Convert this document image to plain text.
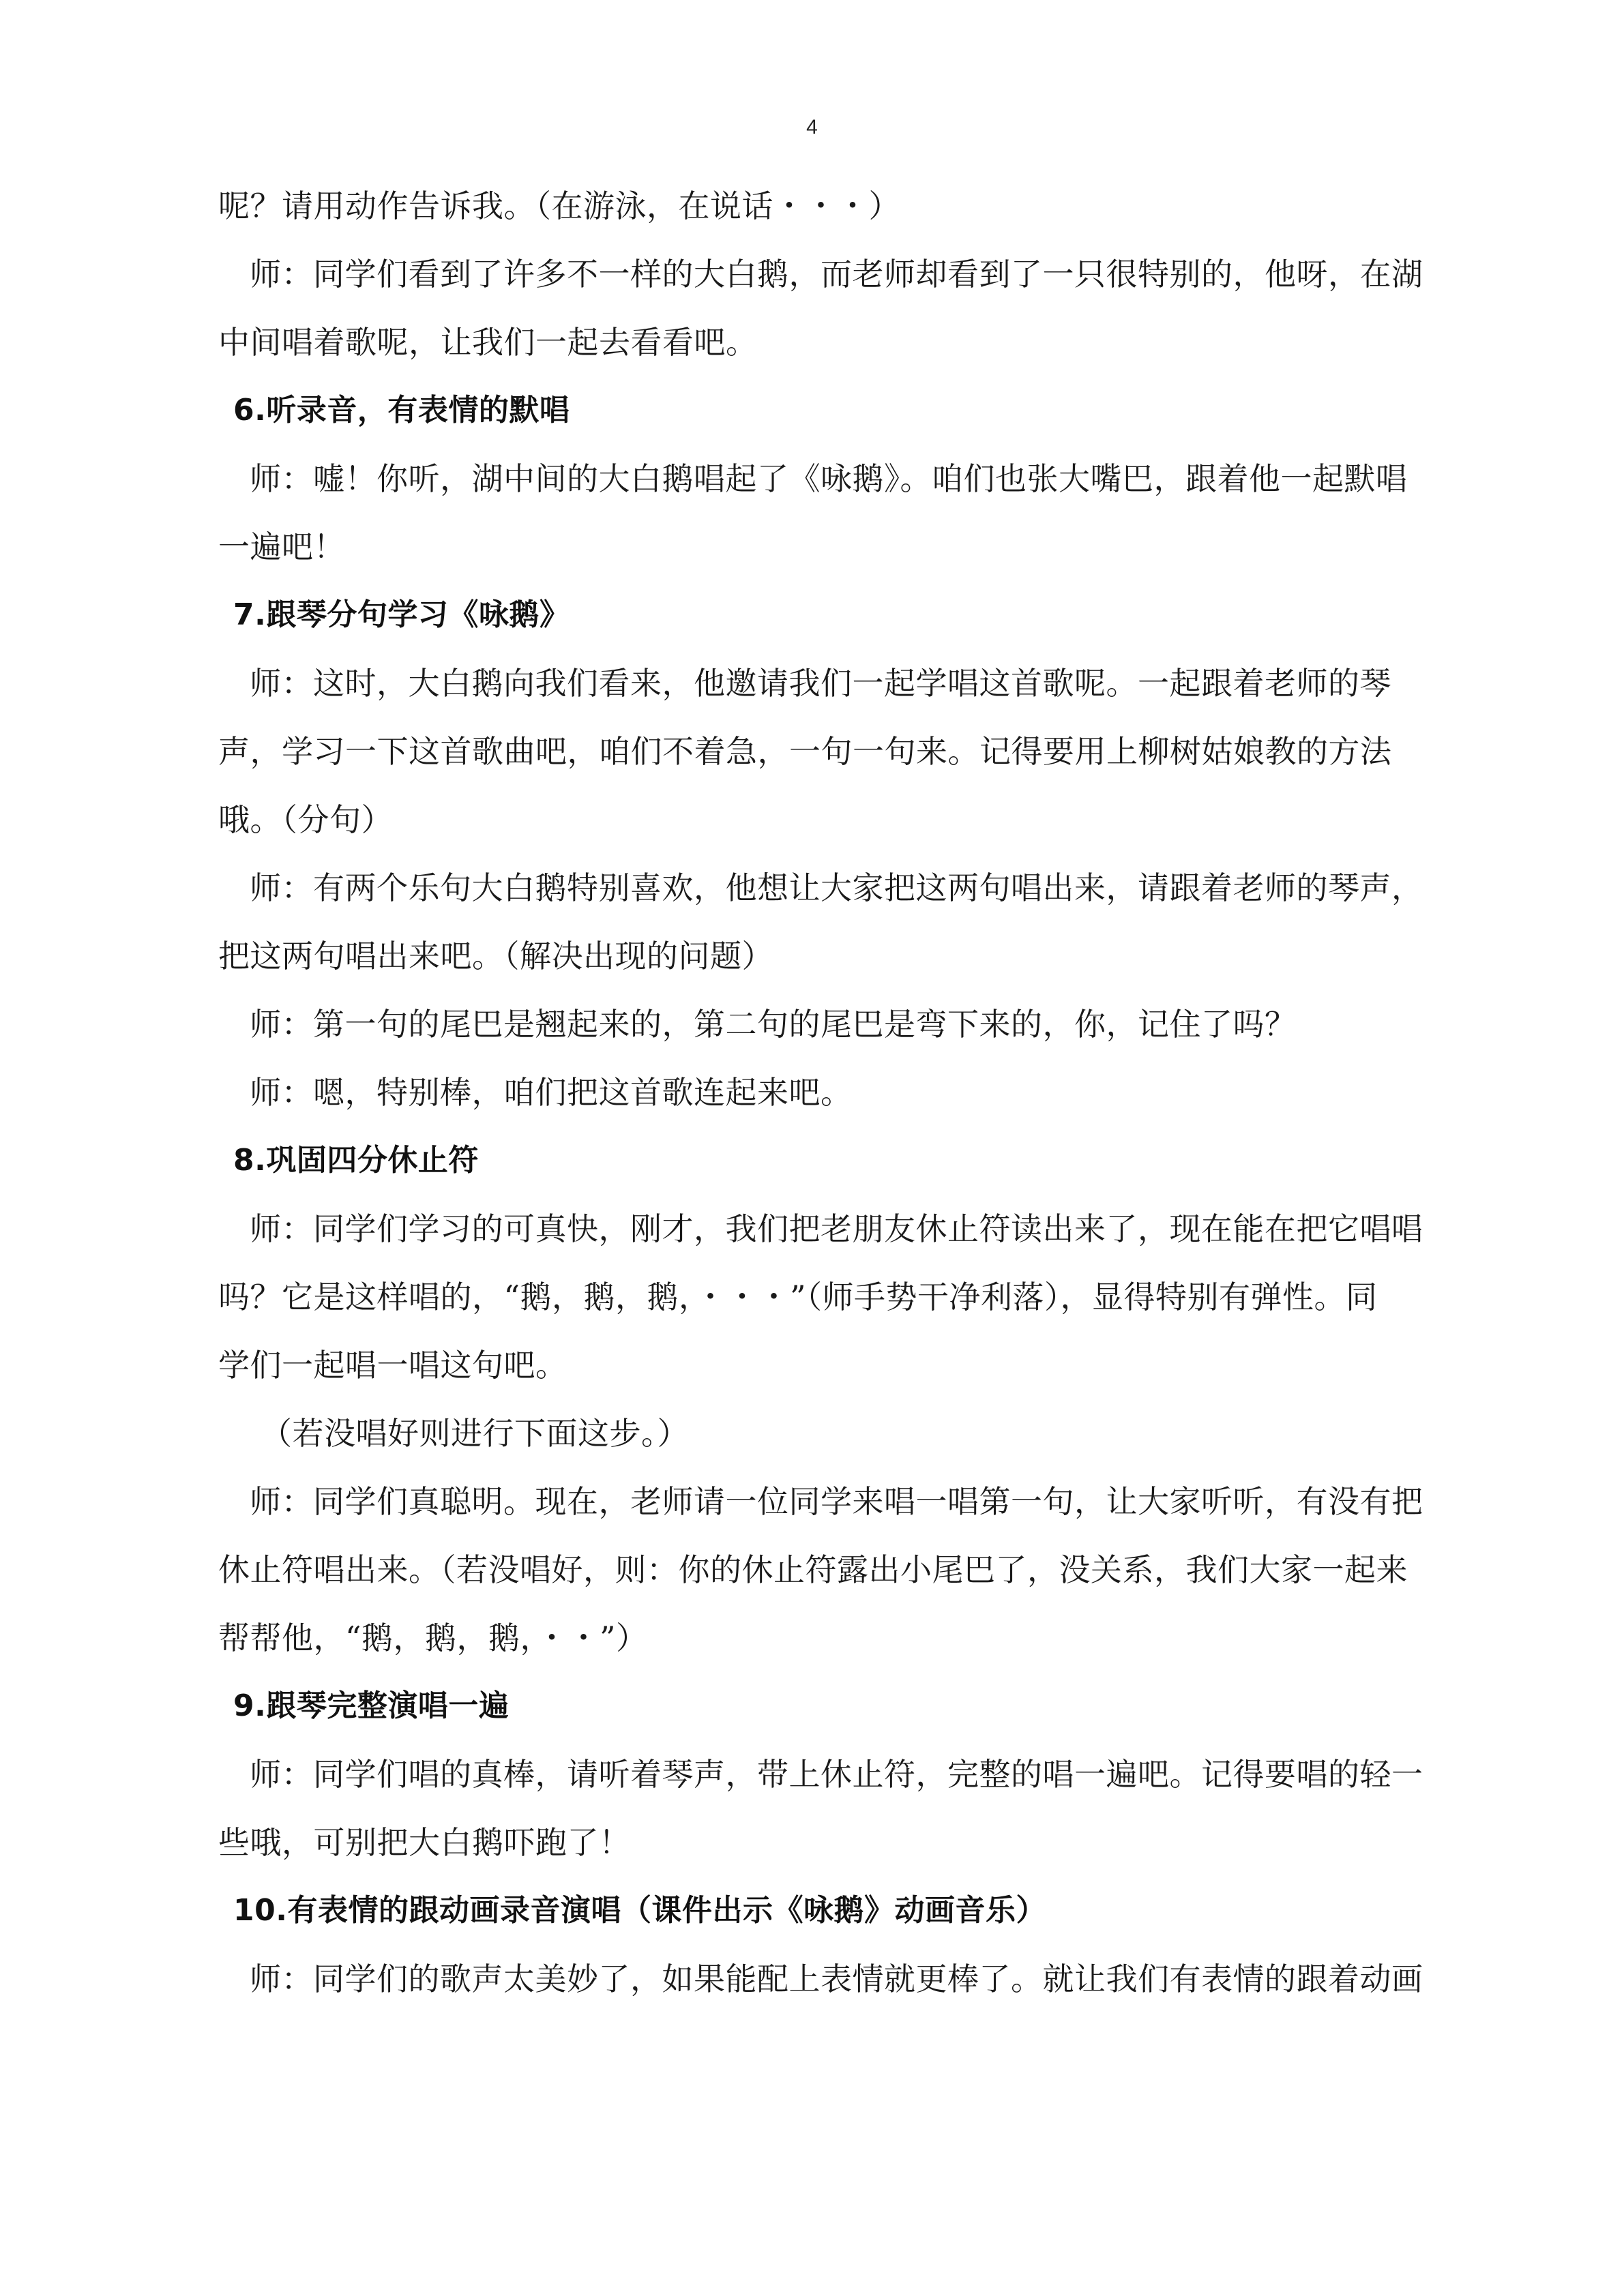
4
呢？请用动作告诉我。（在游泳，在说话・・・）
师：同学们看到了许多不一样的大白鹅，而老师却看到了一只很特别的，他呀，在湖
中间唱着歌呢，让我们一起去看看吧。
6.听录音，有表情的默唱
师：嘘！你听，湖中间的大白鹅唱起了《咏鹅》。咱们也张大嘴巴，跟着他一起默唱
一遍吧！
7.跟琴分句学习《咏鹅》
师：这时，大白鹅向我们看来，他邀请我们一起学唱这首歌呢。一起跟着老师的琴
声，学习一下这首歌曲吧，咱们不着急，一句一句来。记得要用上柳树姑娘教的方法
哦。（分句）
师：有两个乐句大白鹅特别喜欢，他想让大家把这两句唱出来，请跟着老师的琴声，
把这两句唱出来吧。（解决出现的问题）
师：第一句的尾巴是翘起来的，第二句的尾巴是弯下来的，你，记住了吗？
师：嗯，特别棒，咱们把这首歌连起来吧。
8.巩固四分休止符
师：同学们学习的可真快，刚才，我们把老朋友休止符读出来了，现在能在把它唱唱
吗？它是这样唱的，“鹅，鹅，鹅，・・・”（师手势干净利落），显得特别有弹性。同
学们一起唱一唱这句吧。
（若没唱好则进行下面这步。）
师：同学们真聪明。现在，老师请一位同学来唱一唱第一句，让大家听听，有没有把
休止符唱出来。（若没唱好，则：你的休止符露出小尾巴了，没关系，我们大家一起来
帮帮他，“鹅，鹅，鹅，・・”）
9.跟琴完整演唱一遍
师：同学们唱的真棒，请听着琴声，带上休止符，完整的唱一遍吧。记得要唱的轻一
些哦，可别把大白鹅吓跑了！
10.有表情的跟动画录音演唱（课件出示《咏鹅》动画音乐）
师：同学们的歌声太美妙了，如果能配上表情就更棒了。就让我们有表情的跟着动画
